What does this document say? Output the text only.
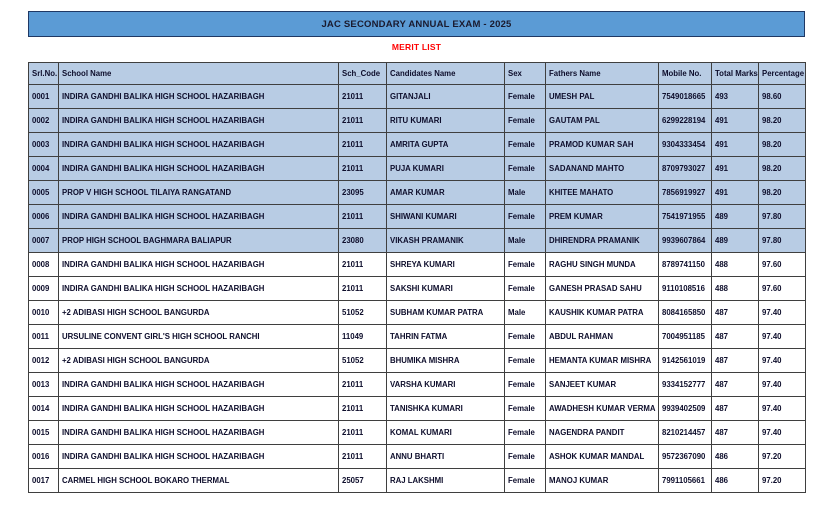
JAC SECONDARY ANNUAL EXAM - 2025
MERIT LIST
Srl.No.	School Name	Sch_Code	Candidates Name	Sex	Fathers Name	Mobile No.	Total Marks	Percentage
0001	INDIRA GANDHI BALIKA HIGH SCHOOL HAZARIBAGH	21011	GITANJALI	Female	UMESH PAL	7549018665	493	98.60
0002	INDIRA GANDHI BALIKA HIGH SCHOOL HAZARIBAGH	21011	RITU KUMARI	Female	GAUTAM PAL	6299228194	491	98.20
0003	INDIRA GANDHI BALIKA HIGH SCHOOL HAZARIBAGH	21011	AMRITA GUPTA	Female	PRAMOD KUMAR SAH	9304333454	491	98.20
0004	INDIRA GANDHI BALIKA HIGH SCHOOL HAZARIBAGH	21011	PUJA KUMARI	Female	SADANAND MAHTO	8709793027	491	98.20
0005	PROP V HIGH SCHOOL TILAIYA RANGATAND	23095	AMAR KUMAR	Male	KHITEE MAHATO	7856919927	491	98.20
0006	INDIRA GANDHI BALIKA HIGH SCHOOL HAZARIBAGH	21011	SHIWANI KUMARI	Female	PREM KUMAR	7541971955	489	97.80
0007	PROP HIGH SCHOOL BAGHMARA BALIAPUR	23080	VIKASH PRAMANIK	Male	DHIRENDRA PRAMANIK	9939607864	489	97.80
0008	INDIRA GANDHI BALIKA HIGH SCHOOL HAZARIBAGH	21011	SHREYA KUMARI	Female	RAGHU SINGH MUNDA	8789741150	488	97.60
0009	INDIRA GANDHI BALIKA HIGH SCHOOL HAZARIBAGH	21011	SAKSHI KUMARI	Female	GANESH PRASAD SAHU	9110108516	488	97.60
0010	+2 ADIBASI HIGH SCHOOL BANGURDA	51052	SUBHAM KUMAR PATRA	Male	KAUSHIK KUMAR PATRA	8084165850	487	97.40
0011	URSULINE CONVENT GIRL'S HIGH SCHOOL RANCHI	11049	TAHRIN FATMA	Female	ABDUL RAHMAN	7004951185	487	97.40
0012	+2 ADIBASI HIGH SCHOOL BANGURDA	51052	BHUMIKA MISHRA	Female	HEMANTA KUMAR MISHRA	9142561019	487	97.40
0013	INDIRA GANDHI BALIKA HIGH SCHOOL HAZARIBAGH	21011	VARSHA KUMARI	Female	SANJEET KUMAR	9334152777	487	97.40
0014	INDIRA GANDHI BALIKA HIGH SCHOOL HAZARIBAGH	21011	TANISHKA KUMARI	Female	AWADHESH KUMAR VERMA	9939402509	487	97.40
0015	INDIRA GANDHI BALIKA HIGH SCHOOL HAZARIBAGH	21011	KOMAL KUMARI	Female	NAGENDRA PANDIT	8210214457	487	97.40
0016	INDIRA GANDHI BALIKA HIGH SCHOOL HAZARIBAGH	21011	ANNU BHARTI	Female	ASHOK KUMAR MANDAL	9572367090	486	97.20
0017	CARMEL HIGH SCHOOL BOKARO THERMAL	25057	RAJ LAKSHMI	Female	MANOJ KUMAR	7991105661	486	97.20
